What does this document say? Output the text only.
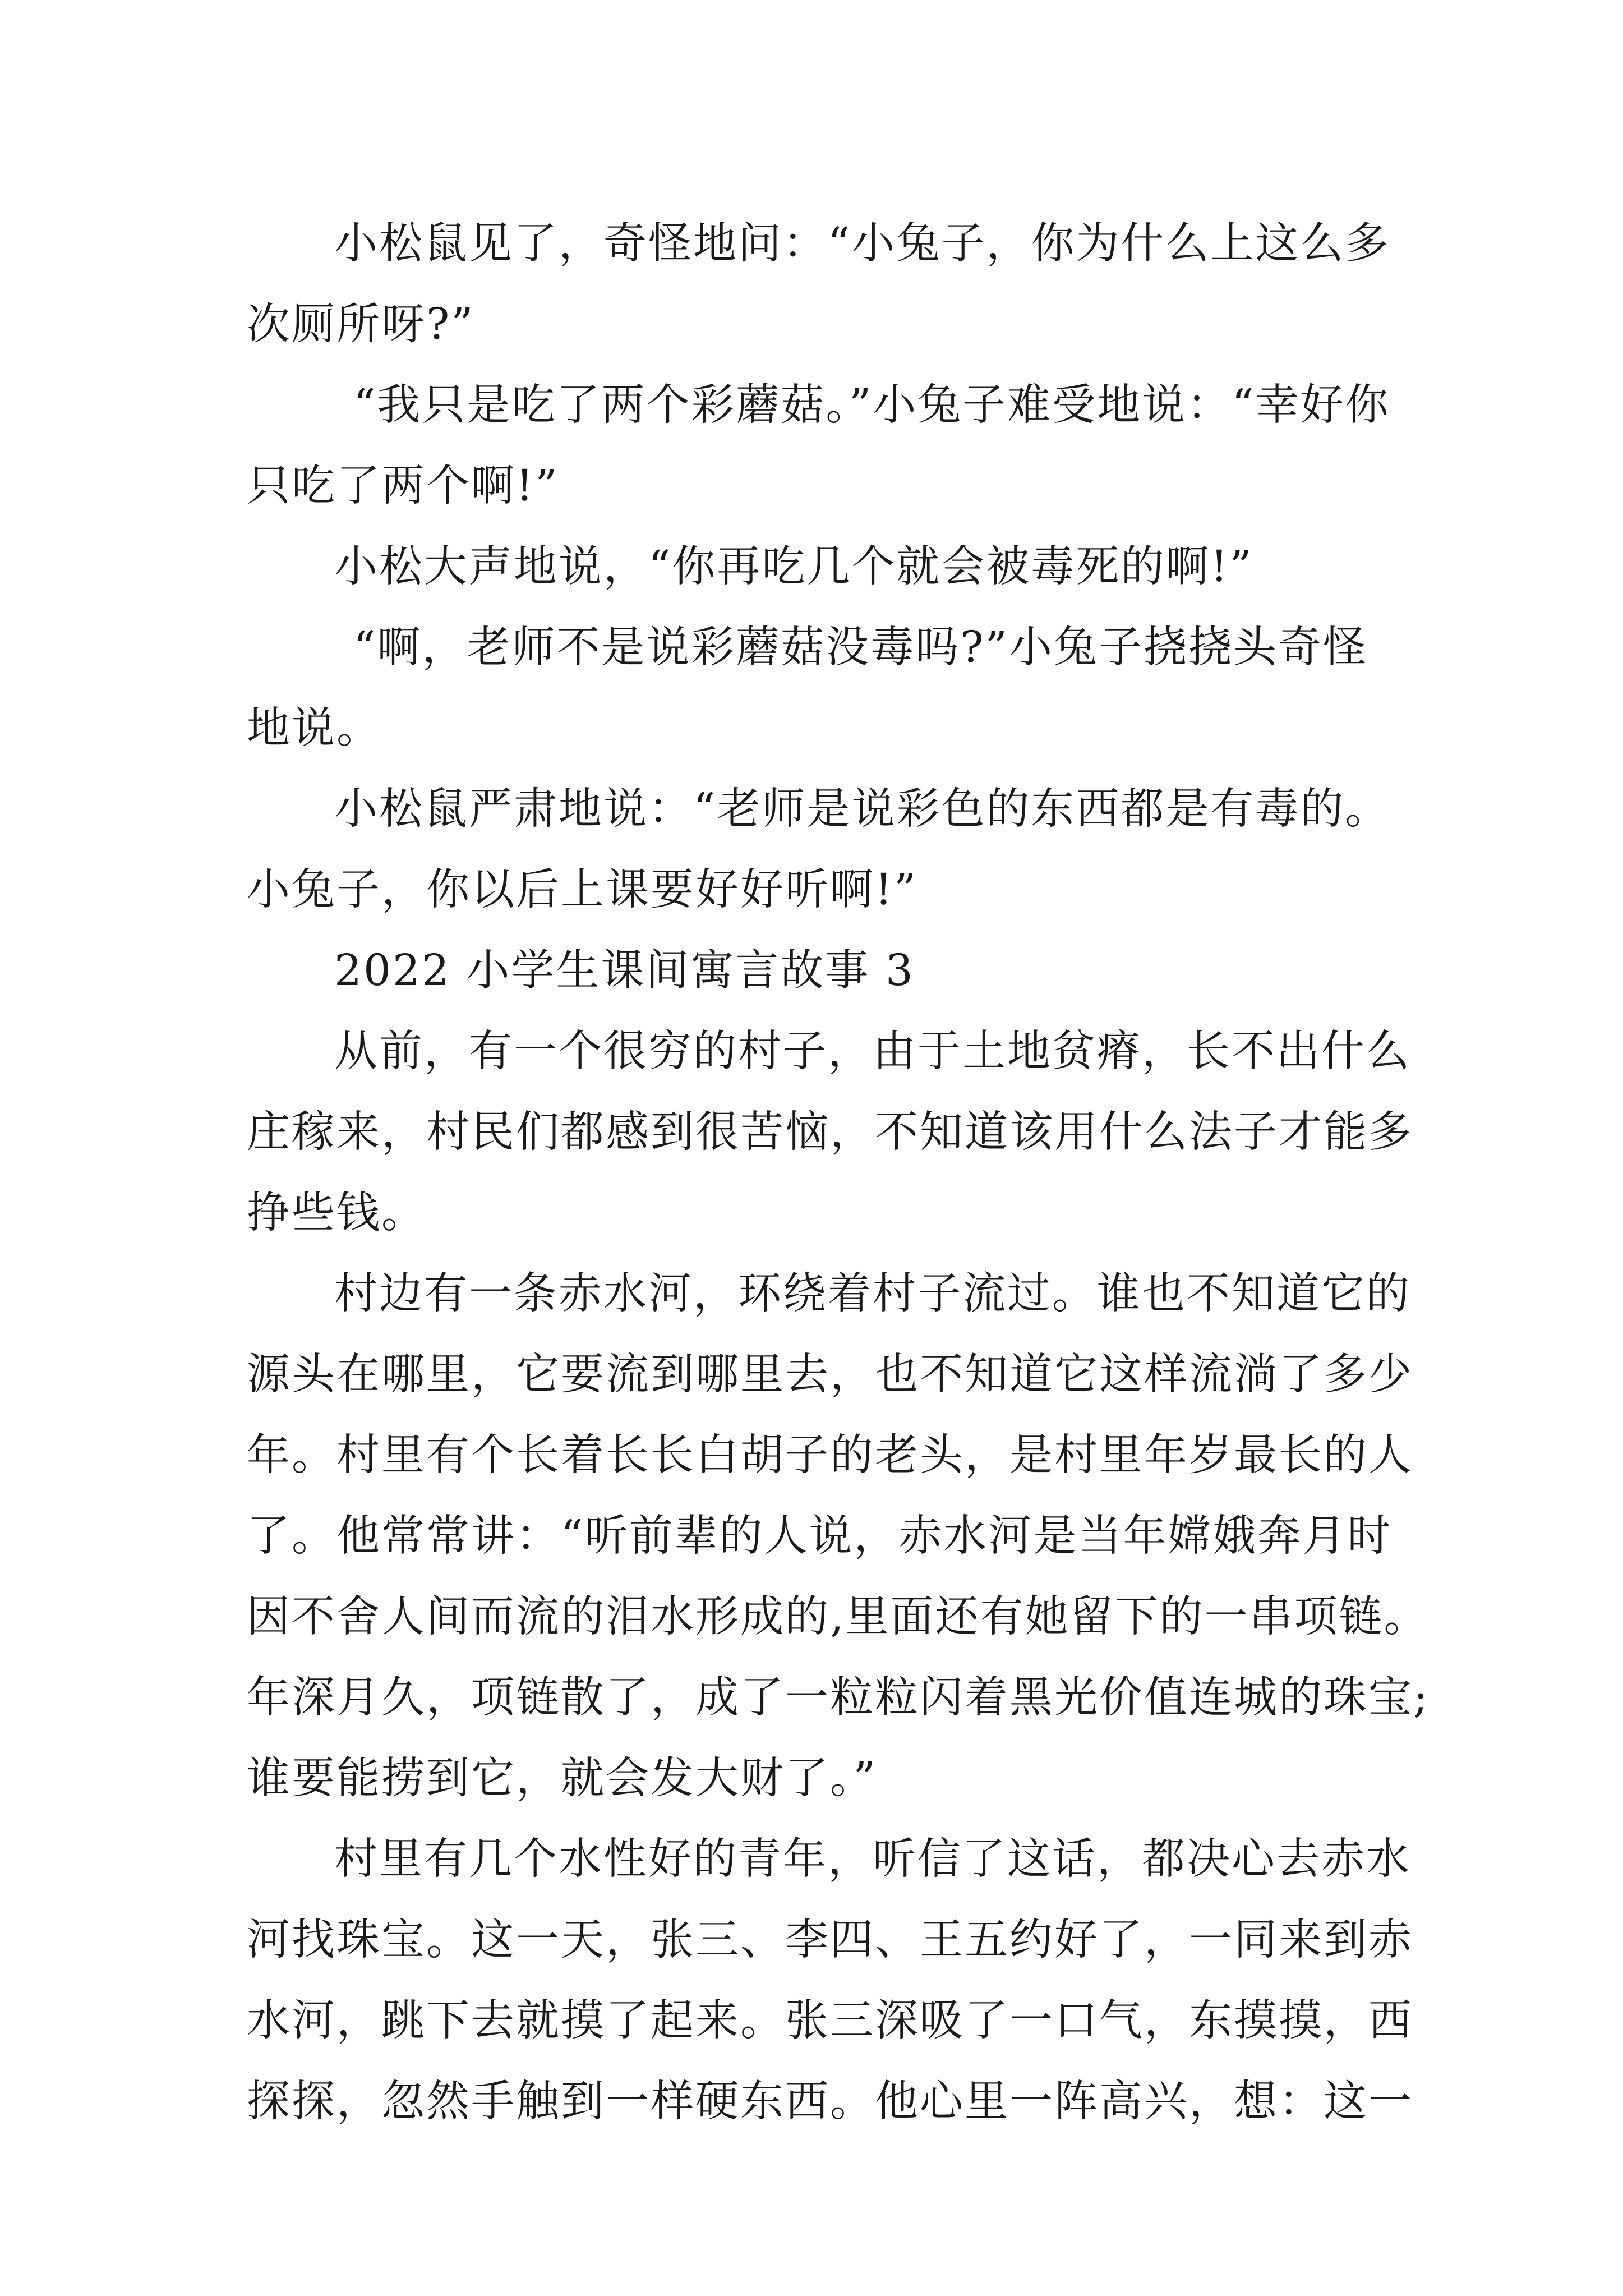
小松鼠见了，奇怪地问：“小兔子，你为什么上这么多
次厕所呀?”
“我只是吃了两个彩蘑菇。”小兔子难受地说：“幸好你
只吃了两个啊!”
小松大声地说，“你再吃几个就会被毒死的啊!”
“啊，老师不是说彩蘑菇没毒吗?”小兔子挠挠头奇怪
地说。
小松鼠严肃地说：“老师是说彩色的东西都是有毒的。
小兔子，你以后上课要好好听啊!”
2022 小学生课间寓言故事 3
从前，有一个很穷的村子，由于土地贫瘠，长不出什么
庄稼来，村民们都感到很苦恼，不知道该用什么法子才能多
挣些钱。
村边有一条赤水河，环绕着村子流过。谁也不知道它的
源头在哪里，它要流到哪里去，也不知道它这样流淌了多少
年。村里有个长着长长白胡子的老头，是村里年岁最长的人
了。他常常讲：“听前辈的人说，赤水河是当年嫦娥奔月时
因不舍人间而流的泪水形成的,里面还有她留下的一串项链。
年深月久，项链散了，成了一粒粒闪着黑光价值连城的珠宝;
谁要能捞到它，就会发大财了。”
村里有几个水性好的青年，听信了这话，都决心去赤水
河找珠宝。这一天，张三、李四、王五约好了，一同来到赤
水河，跳下去就摸了起来。张三深吸了一口气，东摸摸，西
探探，忽然手触到一样硬东西。他心里一阵高兴，想：这一
